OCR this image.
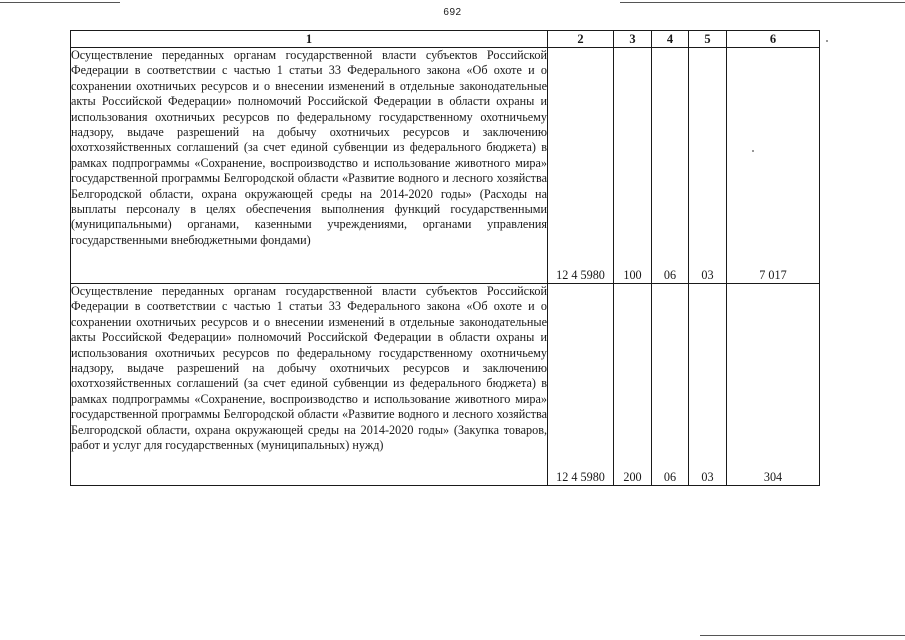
692
1	2	3	4	5	6
Осуществление переданных органам государственной власти субъектов Российской Федерации в соответствии с частью 1 статьи 33 Федерального закона «Об охоте и о сохранении охотничьих ресурсов и о внесении изменений в отдельные законодательные акты Российской Федерации» полномочий Российской Федерации в области охраны и использования охотничьих ресурсов по федеральному государственному охотничьему надзору, выдаче разрешений на добычу охотничьих ресурсов и заключению охотхозяйственных соглашений (за счет единой субвенции из федерального бюджета) в рамках подпрограммы «Сохранение, воспроизводство и использование животного мира» государственной программы Белгородской области «Развитие водного и лесного хозяйства Белгородской области, охрана окружающей среды на 2014-2020 годы» (Расходы на выплаты персоналу в целях обеспечения выполнения функций государственными (муниципальными) органами, казенными учреждениями, органами управления государственными внебюджетными фондами)	12 4 5980	100	06	03	7 017
Осуществление переданных органам государственной власти субъектов Российской Федерации в соответствии с частью 1 статьи 33 Федерального закона «Об охоте и о сохранении охотничьих ресурсов и о внесении изменений в отдельные законодательные акты Российской Федерации» полномочий Российской Федерации в области охраны и использования охотничьих ресурсов по федеральному государственному охотничьему надзору, выдаче разрешений на добычу охотничьих ресурсов и заключению охотхозяйственных соглашений (за счет единой субвенции из федерального бюджета) в рамках подпрограммы «Сохранение, воспроизводство и использование животного мира» государственной программы Белгородской области «Развитие водного и лесного хозяйства Белгородской области, охрана окружающей среды на 2014-2020 годы» (Закупка товаров, работ и услуг для государственных (муниципальных) нужд)	12 4 5980	200	06	03	304
